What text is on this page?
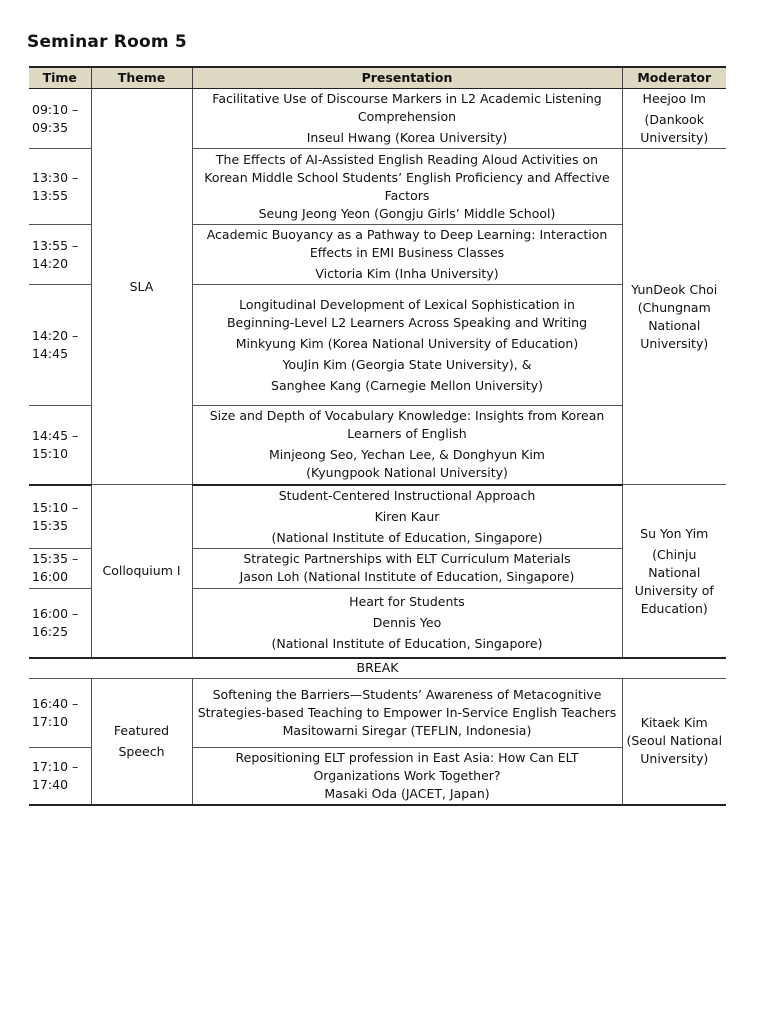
Seminar Room 5
Time	Theme	Presentation	Moderator

09:10 –
09:35	SLA	Facilitative Use of Discourse Markers in L2 Academic Listening
Comprehension
Inseul Hwang (Korea University)	Heejoo Im
(Dankook
University)

13:30 –
13:55		The Effects of AI-Assisted English Reading Aloud Activities on
Korean Middle School Students’ English Proficiency and Affective
Factors
Seung Jeong Yeon (Gongju Girls’ Middle School)	YunDeok Choi
(Chungnam
National
University)

13:55 –
14:20		Academic Buoyancy as a Pathway to Deep Learning: Interaction
Effects in EMI Business Classes
Victoria Kim (Inha University)	

14:20 –
14:45		Longitudinal Development of Lexical Sophistication in
Beginning-Level L2 Learners Across Speaking and Writing
Minkyung Kim (Korea National University of Education)
YouJin Kim (Georgia State University), &
Sanghee Kang (Carnegie Mellon University)	

14:45 –
15:10		Size and Depth of Vocabulary Knowledge: Insights from Korean
Learners of English
Minjeong Seo, Yechan Lee, & Donghyun Kim
(Kyungpook National University)	

15:10 –
15:35	Colloquium I	Student-Centered Instructional Approach
Kiren Kaur
(National Institute of Education, Singapore)	Su Yon Yim
(Chinju
National
University of
Education)

15:35 –
16:00		Strategic Partnerships with ELT Curriculum Materials
Jason Loh (National Institute of Education, Singapore)	

16:00 –
16:25		Heart for Students
Dennis Yeo
(National Institute of Education, Singapore)	

BREAK			

16:40 –
17:10	Featured
Speech	Softening the Barriers—Students’ Awareness of Metacognitive
Strategies-based Teaching to Empower In-Service English Teachers
Masitowarni Siregar (TEFLIN, Indonesia)	Kitaek Kim
(Seoul National
University)

17:10 –
17:40		Repositioning ELT profession in East Asia: How Can ELT
Organizations Work Together?
Masaki Oda (JACET, Japan)	
